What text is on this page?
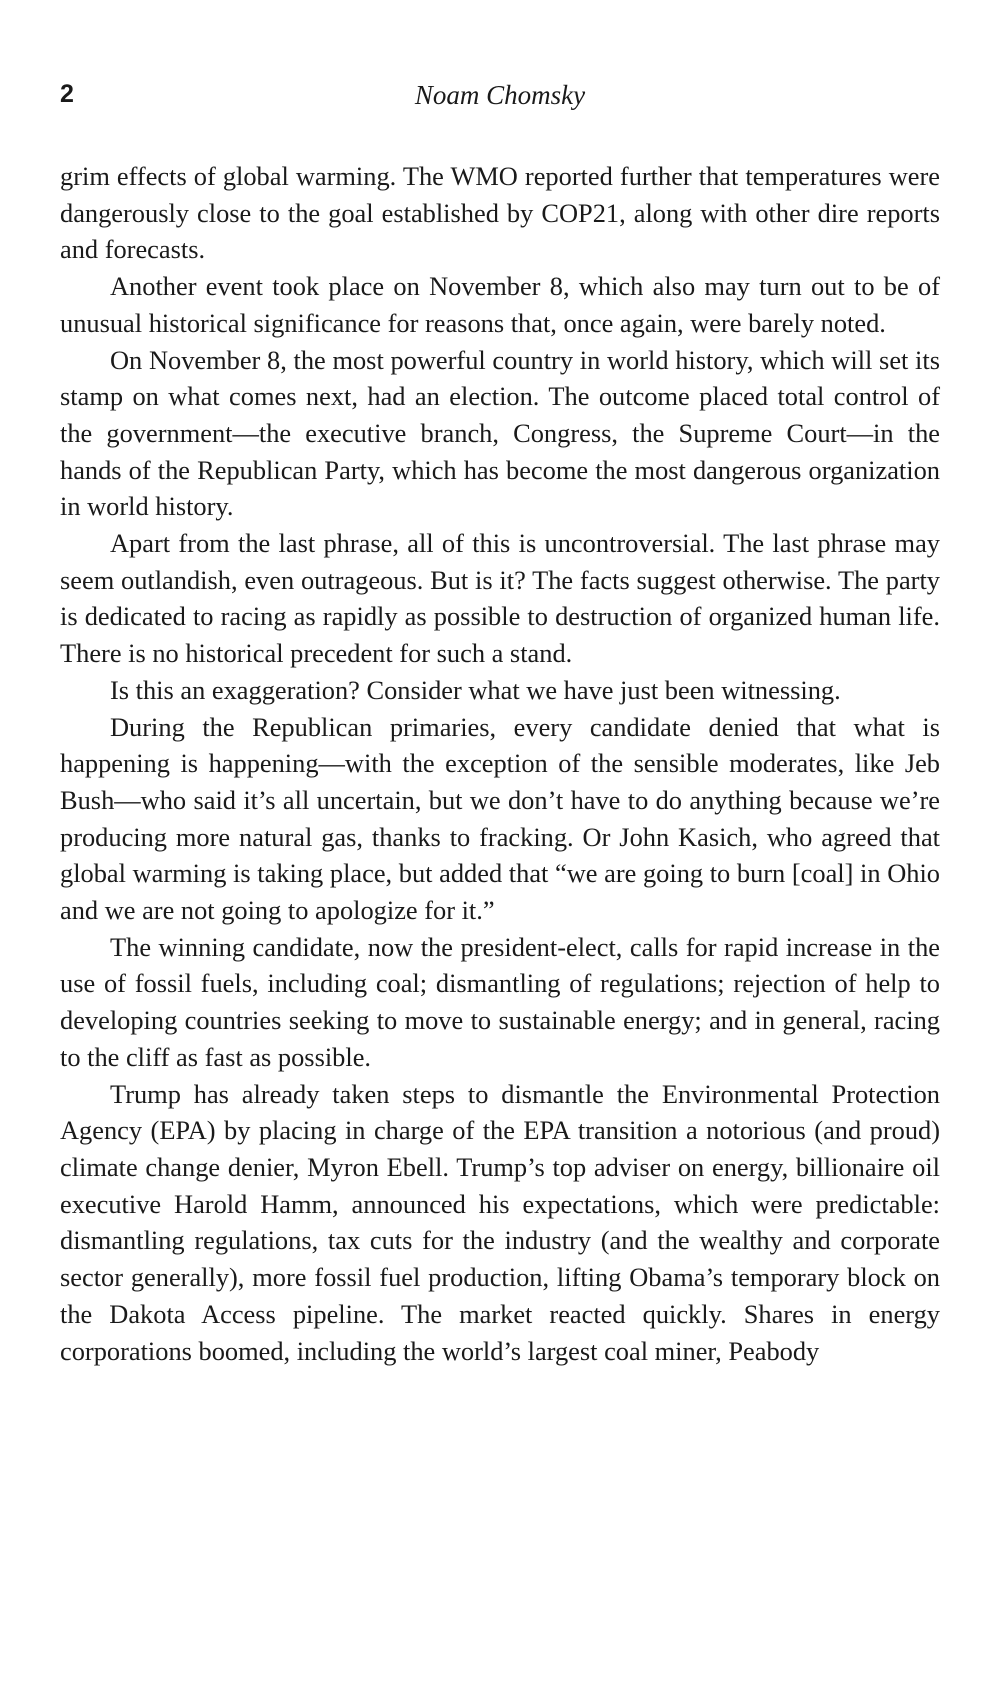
2	Noam Chomsky

grim effects of global warming. The WMO reported further that temperatures were dangerously close to the goal established by COP21, along with other dire reports and forecasts.

Another event took place on November 8, which also may turn out to be of unusual historical significance for reasons that, once again, were barely noted.

On November 8, the most powerful country in world history, which will set its stamp on what comes next, had an election. The outcome placed total control of the government—the executive branch, Congress, the Supreme Court—in the hands of the Republican Party, which has become the most dangerous organization in world history.

Apart from the last phrase, all of this is uncontroversial. The last phrase may seem outlandish, even outrageous. But is it? The facts suggest otherwise. The party is dedicated to racing as rapidly as possible to destruction of organized human life. There is no historical precedent for such a stand.

Is this an exaggeration? Consider what we have just been witnessing.

During the Republican primaries, every candidate denied that what is happening is happening—with the exception of the sensible moderates, like Jeb Bush—who said it’s all uncertain, but we don’t have to do anything because we’re producing more natural gas, thanks to fracking. Or John Kasich, who agreed that global warming is taking place, but added that “we are going to burn [coal] in Ohio and we are not going to apologize for it.”

The winning candidate, now the president-elect, calls for rapid increase in the use of fossil fuels, including coal; dismantling of regulations; rejection of help to developing countries seeking to move to sustainable energy; and in general, racing to the cliff as fast as possible.

Trump has already taken steps to dismantle the Environmental Protection Agency (EPA) by placing in charge of the EPA transition a notorious (and proud) climate change denier, Myron Ebell. Trump’s top adviser on energy, billionaire oil executive Harold Hamm, announced his expectations, which were predictable: dismantling regulations, tax cuts for the industry (and the wealthy and corporate sector generally), more fossil fuel production, lifting Obama’s temporary block on the Dakota Access pipeline. The market reacted quickly. Shares in energy corporations boomed, including the world’s largest coal miner, Peabody
